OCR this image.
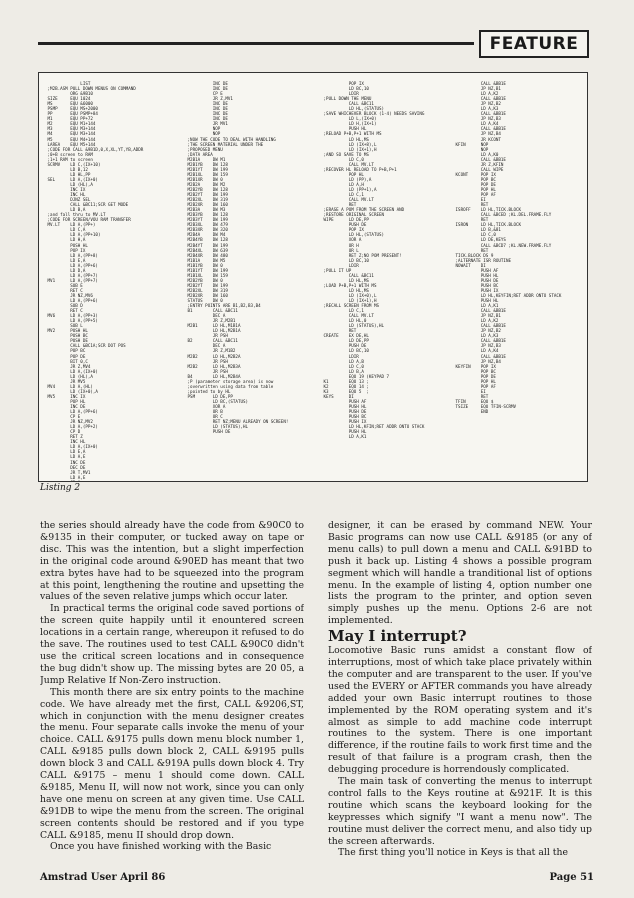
FEATURE
LIST
;M2B.ASM PULL DOWN MENUS ON COMMAND
ORG &9B10
SIZE     EQU 1024
MS       EQU &6000
PSMP     EQU MS+2000
PP       EQU PSMP+84
M1       EQU PP+72
M2       EQU M1+144
M3       EQU M3+144
M4       EQU M3+144
M5       EQU M4+144
LAREA    EQU M5+144
;CODE FOR CALL &9B1D,0,X,XL,YT,YB,ADDR
;0+B screen to RAM
;1+1 RAM to screen
SCRMV    LD C,(IX+10)
LD B,12
LD HL,PP
SEL      LD A,(IX+0)
LD (HL),A
INC IX
INC HL
DJNZ SEL
CALL &BC11;SCR GET MODE
LD B,A
;and fall thru to MV.LT
;CODE FOR SCREEN/VOU RAM TRANSFER
MV.LT    LD A,(PP+)
LD C,A
LD A,(PP+10)
LD H,A
PUSH HL
POP IX
LD A,(PP+8)
LD E,A
LD A,(PP+6)
LD D,A
LD A,(PP+7)
MV1      LD A,(PP+7)
SUB E
RET C
JR NZ,MV6
LD A,(PP+6)
SUB D
RET C
MV6      LD A,(PP+3)
LD A,(PP+5)
SUB L
MV2      PUSH HL
PUSH BC
PUSH DE
CALL &BC1A;SCR DOT POS
POP BC
POP DE
BIT 0,C
JR Z,MV4
LD A,(IX+0)
LD (HL),A
JR MV5
MV4      LD A,(HL)
LD (IX+0),A
MV5      INC IX
POP HL
INC DE
LD A,(PP+6)
CP E
JR NZ,MV2
LD A,(PP+2)
CP D
RET Z
INC HL
LD A,(IX+0)
LD E,A
LD A,E
INC DE
DEC DE
JR T,MV1
LD A,E

INC DE
INC DE
CP E
JR Z,MV1
INC DE
INC DE
INC DE
INC DE
JR MV1
NOP
NOP
;NOW THE CODE TO DEAL WITH HANDLING
;THE SCREEN MATERIAL UNDER THE
;PROPOSED MENU
;DATA AREA
M2B1A     DW M1
M2B1YB    DW 128
M2B1YT    DW 199
M2B1XL    DW 159
M2B1XR    DW 0
M2B2A     DW M2
M2B2YB    DW 128
M2B2YT    DW 199
M2B2XL    DW 319
M2B2XR    DW 160
M2B3A     DW M3
M2B3YB    DW 128
M2B3YT    DW 199
M2B3XL    DW 479
M2B3XR    DW 320
M2B4A     DW M4
M2B4YB    DW 128
M2B4YT    DW 199
M2B4XL    DW 639
M2B4XR    DW 480
M1B1A     DW M5
M1B1YB    DW 0
M1B1YT    DW 199
M1B1XL    DW 159
M2B2YB    DW 0
M2B2YT    DW 199
M2B2XL    DW 319
M2B2XR    DW 160
STATUS    DW 0
;ENTRY POINTS ARE B1,B2,B3,B4
B1        CALL &BC11
DEC A
JR Z,M2B1
M2B1      LD HL,M1B1A
LD HL,M2B1A
JR PSH
B2        CALL &BC11
DEC A
JR Z,M1B2
M2B2      LD HL,M2B2A
JR PSH
M2B2      LD HL,M2B3A
JR PSH
B4        LD HL,M2B4A
;P (parameter storage area) is now
;overwritten using data from table
;pointed to by HL
PSM       LD DE,PP
LD BC,(STATUS)
XOR A
OR B
OR C
RET NZ;MENU ALREADY ON SCREEN!
LD (STATUS),HL
PUSH DE
POP IX
LD BC,10
LDIR
;PULL DOWN THE MENU
CALL &BC11
LD HL,(STATUS)
;SAVE WHICHEVER BLOCK (1-4) NEEDS SAVING
LD L,(IX+0)
LD H,(IX+1)
PUSH HL
;RELOAD P+B,P+1 WITH MS
LD HL,MS
LD (IX+8),L
LD (IX+1),H
;AND SO SAVE TO MS
LD C,0
CALL MV.LT
;RECOVER HL RELOAD TO P+B,P+1
POP HL
LD (PP),A
LD A,H
LD (PP+1),A
LD C,1
CALL MV.LT
RET
;ERASE A POM FROM THE SCREEN AND
;RESTORE ORIGINAL SCREEN
WIPE      LD DE,PP
PUSH DE
POP IX
LD HL,(STATUS)
XOR A
OR H
OR L
RET Z;NO POM PRESENT!
LD BC,10
LDIR
;PULL IT UP
CALL &BC11
LD HL,MS
;LOAD P+B,P+1 WITH MS
LD HL,MS
LD (IX+0),L
LD (IX+1),H
;RECALL SCREEN FROM MS
LD C,1
CALL MV.LT
LD HL,0
LD (STATUS),HL
RET
CREATE    EX DE,HL
LD DE,PP
PUSH DE
LD BC,10
LDIR
LD A,B
LD C,0
LD B,A
EQU 19 (KEYPAD 7
K1        EQU 13 ;
K2        EQU 14 ;
K3        EQU 5  ;
KEYS      DI
PUSH AF
PUSH HL
PUSH DE
PUSH BC
PUSH IX
LD HL,KFIN;RET ADDR ONTO STACK
PUSH HL
LD A,K1
CALL &BB1E
JP NZ,B1
LD A,K2
CALL &BB1E
JP NZ,B2
LD A,K3
CALL &BB1E
JP NZ,B3
LD A,K4
CALL &BB1E
JP NZ,B4
JR KCONT
KFIN      NOP
NOP
LD A,K0
CALL &BB1E
JR Z,KFIN
CALL WIPE
KCONT     POP IX
POP BC
POP DE
POP HL
POP AF
EI
RET
ISROFF    LD HL,TICK.BLOCK
CALL &BCED ;KL.DEL.FRAME.FLY
RET
ISRON     LD HL,TICK.BLOCK
LD B,&81
LD C,0
LD DE,KEYS
CALL &BCD7 ;KL.NEW.FRAME.FLY
RET
TICK.BLOCK DS 9
;ALTERNATE ISR ROUTINE
NOWAIT    DI
PUSH AF
PUSH HL
PUSH DE
PUSH BC
PUSH IX
LD HL,KEYFIN;RET ADDR ONTO STACK
PUSH HL
LD A,K1
CALL &BB1E
JP NZ,B1
LD A,K2
CALL &BB1E
JP NZ,B2
LD A,K3
CALL &BB1E
JP NZ,B3
LD A,K4
CALL &BB1E
JP NZ,B4
KEYFIN    POP IX
POP BC
POP DE
POP HL
POP AF
EI
RET
TFIN      EQU $
TSIZE     EQU TFIN-SCRMV
END
Listing 2

the series should already have the code from &90C0 to &9135 in their computer, or tucked away on tape or disc. This was the intention, but a slight imperfection in the original code around &90ED has meant that two extra bytes have had to be squeezed into the program at this point, lengthening the routine and upsetting the values of the seven relative jumps which occur later.

In practical terms the original code saved portions of the screen quite happily until it enountered screen locations in a certain range, whereupon it refused to do the save. The routines used to test CALL &90C0 didn't use the critical screen locations and in consequence the bug didn't show up. The missing bytes are 20 05, a Jump Relative If Non-Zero instruction.

This month there are six entry points to the machine code. We have already met the first, CALL &9206,ST, which in conjunction with the menu designer creates the menu. Four separate calls invoke the menu of your choice. CALL &9175 pulls down menu block number 1, CALL &9185 pulls down block 2, CALL &9195 pulls down block 3 and CALL &919A pulls down block 4. Try CALL &9175 – menu 1 should come down. CALL &9185, Menu II, will now not work, since you can only have one menu on screen at any given time. Use CALL &91DB to wipe the menu from the screen. The original screen contents should be restored and if you type CALL &9185, menu II should drop down.

Once you have finished working with the Basic

designer, it can be erased by command NEW. Your Basic programs can now use CALL &9185 (or any of menu calls) to pull down a menu and CALL &91BD to push it back up. Listing 4 shows a possible program segment which will handle a tranditional list of options menu. In the example of listing 4, option number one lists the program to the printer, and option seven simply pushes up the menu. Options 2-6 are not implemented.

May I interrupt?

Locomotive Basic runs amidst a constant flow of interruptions, most of which take place privately within the computer and are transparent to the user. If you've used the EVERY or AFTER commands you have already added your own Basic interrupt routines to those implemented by the ROM operating system and it's almost as simple to add machine code interrupt routines to the system. There is one important difference, if the routine fails to work first time and the result of that failure is a program crash, then the debugging procedure is horrendously complicated.

The main task of converting the menus to interrupt control falls to the Keys routine at &921F. It is this routine which scans the keyboard looking for the keypresses which signify "I want a menu now". The routine must deliver the correct menu, and also tidy up the screen afterwards.

The first thing you'll notice in Keys is that all the

Amstrad User April 86	Page 51
